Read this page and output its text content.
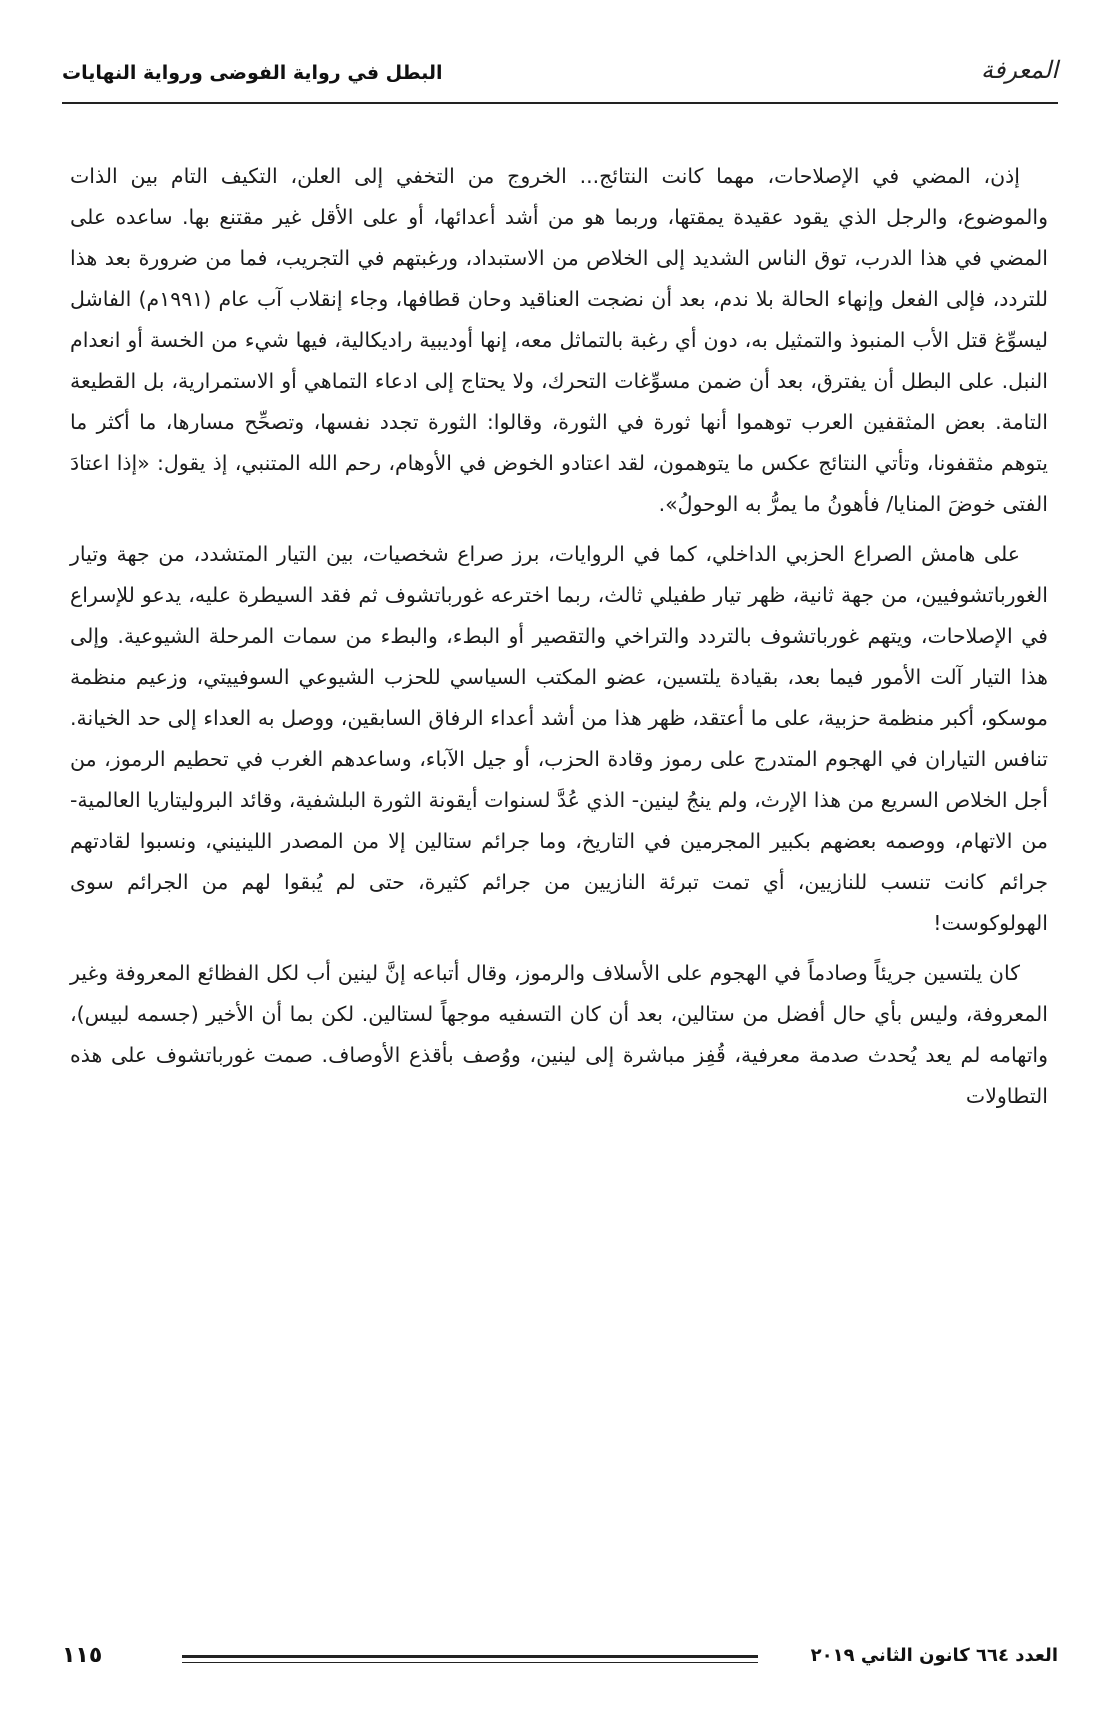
المعرفة
البطل في رواية الفوضى ورواية النهايات

إذن، المضي في الإصلاحات، مهما كانت النتائج... الخروج من التخفي إلى العلن، التكيف التام بين الذات والموضوع، والرجل الذي يقود عقيدة يمقتها، وربما هو من أشد أعدائها، أو على الأقل غير مقتنع بها. ساعده على المضي في هذا الدرب، توق الناس الشديد إلى الخلاص من الاستبداد، ورغبتهم في التجريب، فما من ضرورة بعد هذا للتردد، فإلى الفعل وإنهاء الحالة بلا ندم، بعد أن نضجت العناقيد وحان قطافها، وجاء إنقلاب آب عام (١٩٩١م) الفاشل ليسوِّغ قتل الأب المنبوذ والتمثيل به، دون أي رغبة بالتماثل معه، إنها أوديبية راديكالية، فيها شيء من الخسة أو انعدام النبل. على البطل أن يفترق، بعد أن ضمن مسوِّغات التحرك، ولا يحتاج إلى ادعاء التماهي أو الاستمرارية، بل القطيعة التامة. بعض المثقفين العرب توهموا أنها ثورة في الثورة، وقالوا: الثورة تجدد نفسها، وتصحِّح مسارها، ما أكثر ما يتوهم مثقفونا، وتأتي النتائج عكس ما يتوهمون، لقد اعتادو الخوض في الأوهام، رحم الله المتنبي، إذ يقول: «إذا اعتادَ الفتى خوضَ المنايا/ فأهونُ ما يمرُّ به الوحولُ».

على هامش الصراع الحزبي الداخلي، كما في الروايات، برز صراع شخصيات، بين التيار المتشدد، من جهة وتيار الغورباتشوفيين، من جهة ثانية، ظهر تيار طفيلي ثالث، ربما اخترعه غورباتشوف ثم فقد السيطرة عليه، يدعو للإسراع في الإصلاحات، ويتهم غورباتشوف بالتردد والتراخي والتقصير أو البطء، والبطء من سمات المرحلة الشيوعية. وإلى هذا التيار آلت الأمور فيما بعد، بقيادة يلتسين، عضو المكتب السياسي للحزب الشيوعي السوفييتي، وزعيم منظمة موسكو، أكبر منظمة حزبية، على ما أعتقد، ظهر هذا من أشد أعداء الرفاق السابقين، ووصل به العداء إلى حد الخيانة. تنافس التياران في الهجوم المتدرج على رموز وقادة الحزب، أو جيل الآباء، وساعدهم الغرب في تحطيم الرموز، من أجل الخلاص السريع من هذا الإرث، ولم ينجُ لينين- الذي عُدَّ لسنوات أيقونة الثورة البلشفية، وقائد البروليتاريا العالمية- من الاتهام، ووصمه بعضهم بكبير المجرمين في التاريخ، وما جرائم ستالين إلا من المصدر اللينيني، ونسبوا لقادتهم جرائم كانت تنسب للنازيين، أي تمت تبرئة النازيين من جرائم كثيرة، حتى لم يُبقوا لهم من الجرائم سوى الهولوكوست!

كان يلتسين جريئاً وصادماً في الهجوم على الأسلاف والرموز، وقال أتباعه إنَّ لينين أب لكل الفظائع المعروفة وغير المعروفة، وليس بأي حال أفضل من ستالين، بعد أن كان التسفيه موجهاً لستالين. لكن بما أن الأخير (جسمه لبيس)، واتهامه لم يعد يُحدث صدمة معرفية، قُفِز مباشرة إلى لينين، ووُصف بأقذع الأوصاف. صمت غورباتشوف على هذه التطاولات

العدد ٦٦٤ كانون الثاني ٢٠١٩
١١٥
